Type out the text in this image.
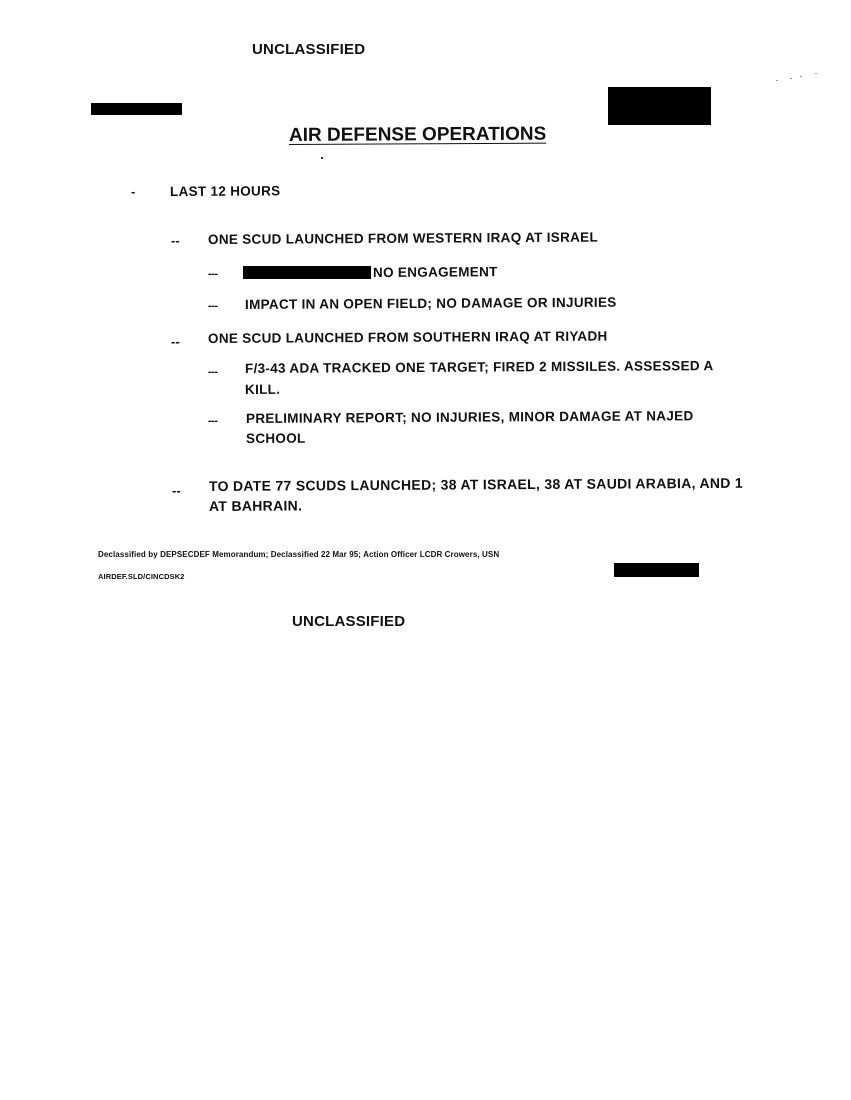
UNCLASSIFIED
AIR DEFENSE OPERATIONS
-	LAST 12 HOURS
-- ONE SCUD LAUNCHED FROM WESTERN IRAQ AT ISRAEL
---	NO ENGAGEMENT
--- IMPACT IN AN OPEN FIELD; NO DAMAGE OR INJURIES
-- ONE SCUD LAUNCHED FROM SOUTHERN IRAQ AT RIYADH
--- F/3-43 ADA TRACKED ONE TARGET; FIRED 2 MISSILES. ASSESSED A
KILL.
--- PRELIMINARY REPORT; NO INJURIES, MINOR DAMAGE AT NAJED
SCHOOL
-- TO DATE 77 SCUDS LAUNCHED; 38 AT ISRAEL, 38 AT SAUDI ARABIA, AND 1
AT BAHRAIN.
Declassified by DEPSECDEF Memorandum; Declassified 22 Mar 95; Action Officer LCDR Crowers, USN
AIRDEF.SLD/CINCDSK2
UNCLASSIFIED
